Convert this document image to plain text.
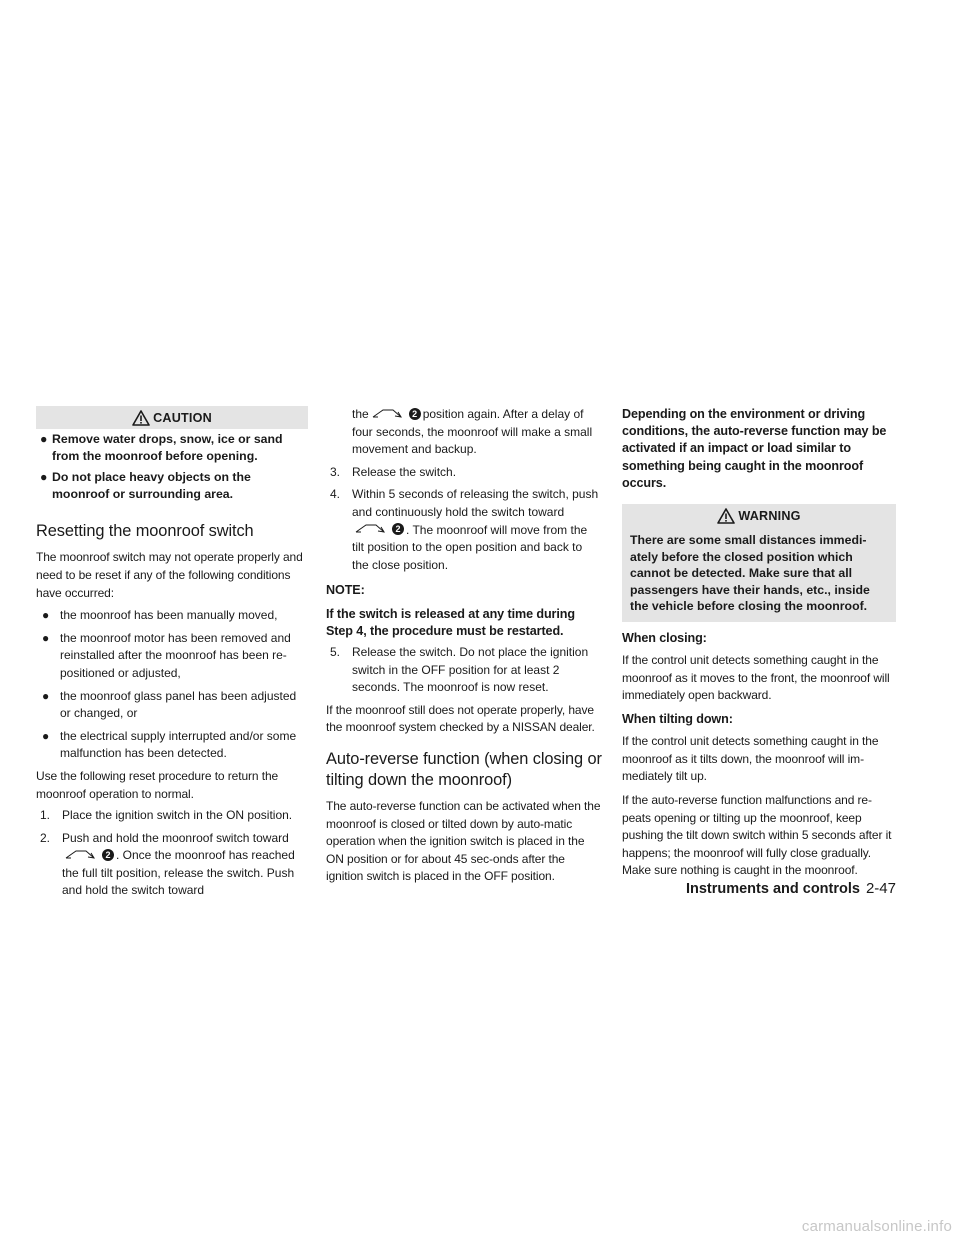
CAUTION
● Remove water drops, snow, ice or sand from the moonroof before opening.
● Do not place heavy objects on the moonroof or surrounding area.
Resetting the moonroof switch

The moonroof switch may not operate properly and need to be reset if any of the following conditions have occurred:

● the moonroof has been manually moved,
● the moonroof motor has been removed and reinstalled after the moonroof has been re-positioned or adjusted,
● the moonroof glass panel has been adjusted or changed, or
● the electrical supply interrupted and/or some malfunction has been detected.

Use the following reset procedure to return the moonroof operation to normal.

1. Place the ignition switch in the ON position.
2. Push and hold the moonroof switch toward 2 . Once the moonroof has reached the full tilt position, release the switch. Push and hold the switch toward
the	2 position again. After a delay of four seconds, the moonroof will make a small movement and backup.
3. Release the switch.
4. Within 5 seconds of releasing the switch, push and continuously hold the switch toward 2 . The moonroof will move from the tilt position to the open position and back to the close position.

NOTE:

If the switch is released at any time during Step 4, the procedure must be restarted.

5. Release the switch. Do not place the ignition switch in the OFF position for at least 2 seconds. The moonroof is now reset.

If the moonroof still does not operate properly, have the moonroof system checked by a NISSAN dealer.

Auto-reverse function (when closing or tilting down the moonroof)

The auto-reverse function can be activated when the moonroof is closed or tilted down by auto-matic operation when the ignition switch is placed in the ON position or for about 45 sec-onds after the ignition switch is placed in the OFF position.

Depending on the environment or driving conditions, the auto-reverse function may be activated if an impact or load similar to something being caught in the moonroof occurs.

WARNING
There are some small distances immedi-ately before the closed position which cannot be detected. Make sure that all passengers have their hands, etc., inside the vehicle before closing the moonroof.

When closing:

If the control unit detects something caught in the moonroof as it moves to the front, the moonroof will immediately open backward.

When tilting down:

If the control unit detects something caught in the moonroof as it tilts down, the moonroof will im-mediately tilt up.

If the auto-reverse function malfunctions and re-peats opening or tilting up the moonroof, keep pushing the tilt down switch within 5 seconds after it happens; the moonroof will fully close gradually. Make sure nothing is caught in the moonroof.

Instruments and controls 2-47
carmanualsonline.info
